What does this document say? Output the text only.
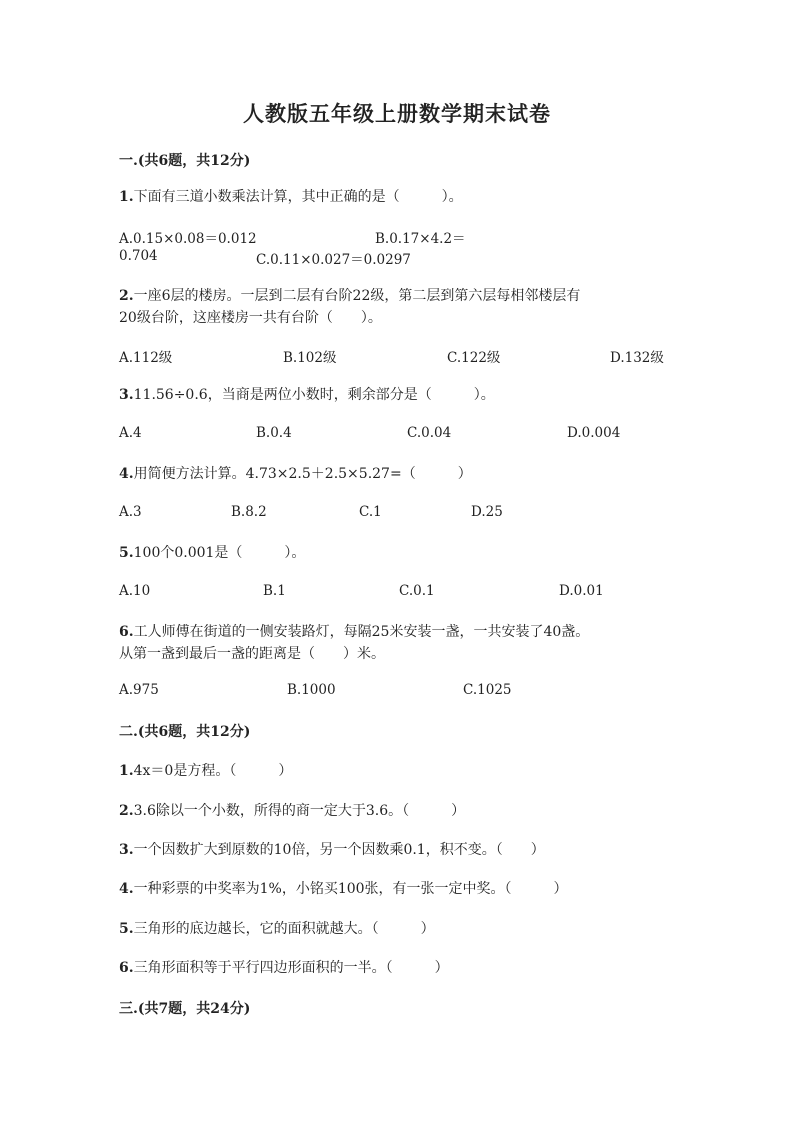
人教版五年级上册数学期末试卷
一.(共6题，共12分)
1.下面有三道小数乘法计算，其中正确的是（　　　）。
A.0.15×0.08＝0.012	B.0.17×4.2＝
0.704	C.0.11×0.027＝0.0297
2.一座6层的楼房。一层到二层有台阶22级，第二层到第六层每相邻楼层有
20级台阶，这座楼房一共有台阶（　　）。
A.112级	B.102级	C.122级	D.132级
3.11.56÷0.6，当商是两位小数时，剩余部分是（　　　）。
A.4	B.0.4	C.0.04	D.0.004
4.用简便方法计算。4.73×2.5＋2.5×5.27=（　　　）
A.3	B.8.2	C.1	D.25
5.100个0.001是（　　　）。
A.10	B.1	C.0.1	D.0.01
6.工人师傅在街道的一侧安装路灯，每隔25米安装一盏，一共安装了40盏。
从第一盏到最后一盏的距离是（　　）米。
A.975	B.1000	C.1025
二.(共6题，共12分)
1.4x＝0是方程。（　　　）
2.3.6除以一个小数，所得的商一定大于3.6。（　　　）
3.一个因数扩大到原数的10倍，另一个因数乘0.1，积不变。（　　）
4.一种彩票的中奖率为1%，小铭买100张，有一张一定中奖。（　　　）
5.三角形的底边越长，它的面积就越大。（　　　）
6.三角形面积等于平行四边形面积的一半。（　　　）
三.(共7题，共24分)
